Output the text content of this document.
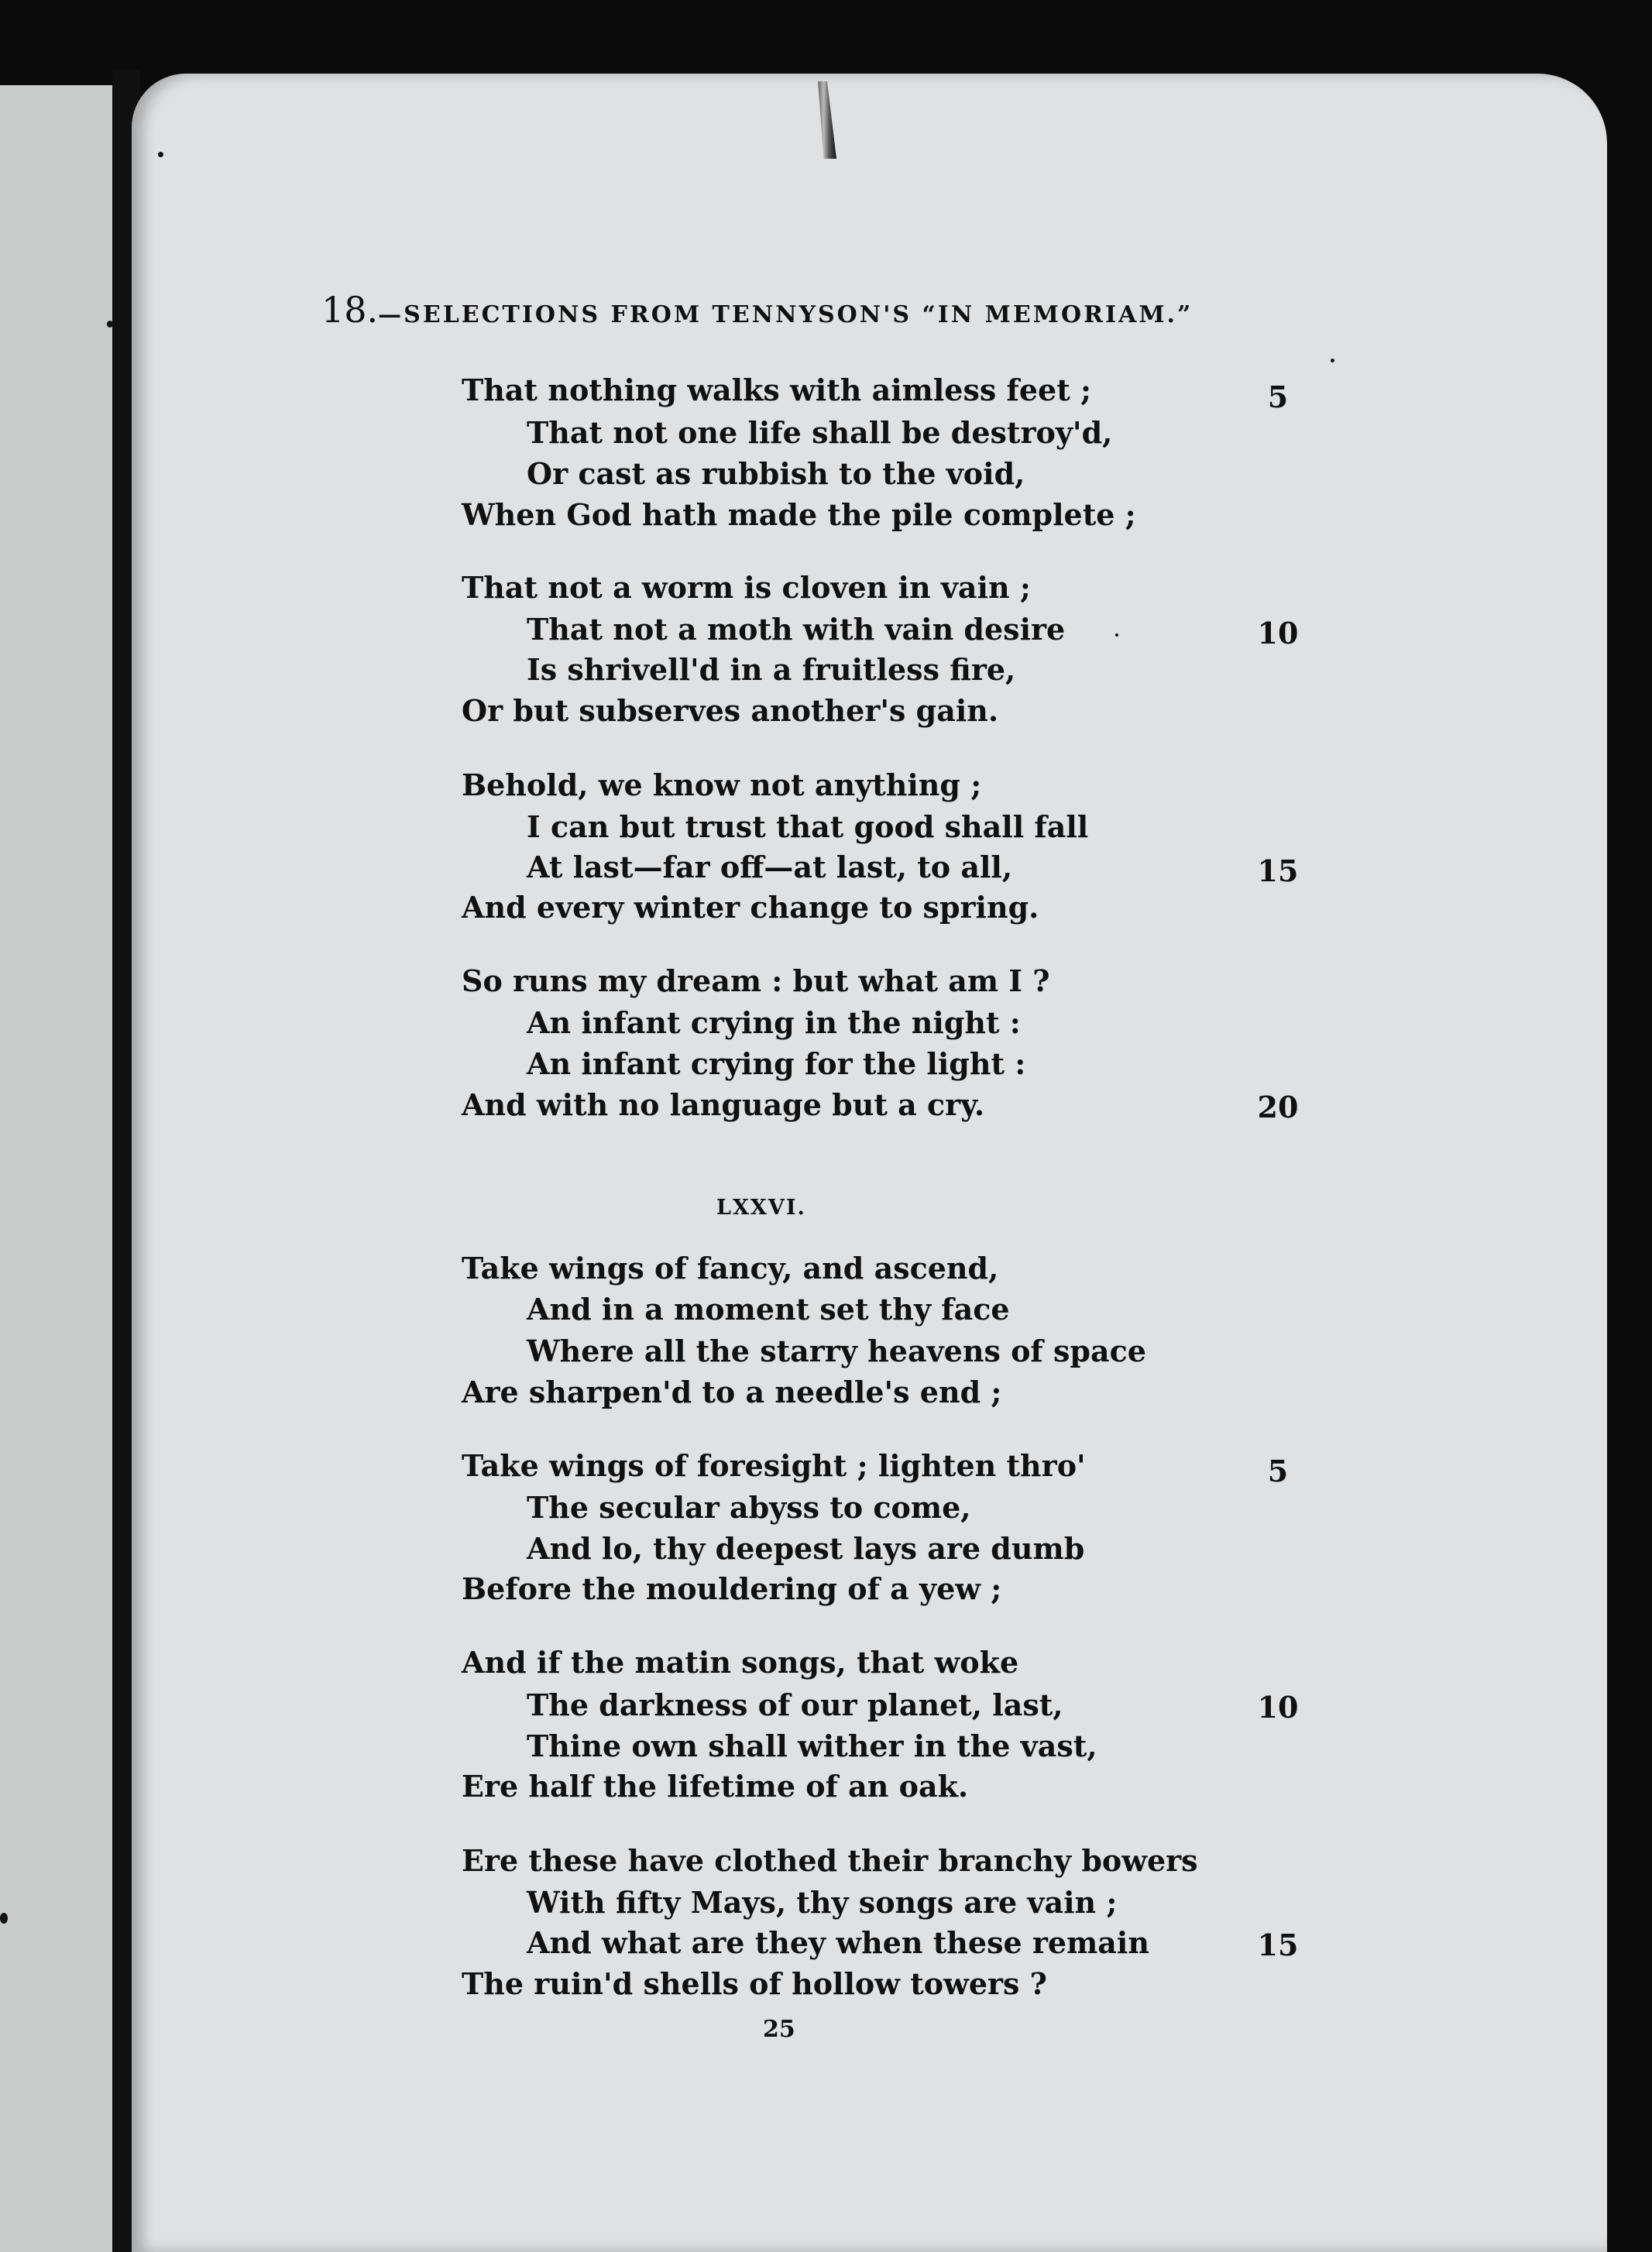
18.—SELECTIONS FROM TENNYSON'S “IN MEMORIAM.”
That nothing walks with aimless feet ;	5
That not one life shall be destroy'd,
Or cast as rubbish to the void,
When God hath made the pile complete ;
That not a worm is cloven in vain ;
That not a moth with vain desire	10
Is shrivell'd in a fruitless fire,
Or but subserves another's gain.
Behold, we know not anything ;
I can but trust that good shall fall
At last—far off—at last, to all,	15
And every winter change to spring.
So runs my dream : but what am I ?
An infant crying in the night :
An infant crying for the light :
And with no language but a cry.	20
LXXVI.
Take wings of fancy, and ascend,
And in a moment set thy face
Where all the starry heavens of space
Are sharpen'd to a needle's end ;
Take wings of foresight ; lighten thro'	5
The secular abyss to come,
And lo, thy deepest lays are dumb
Before the mouldering of a yew ;
And if the matin songs, that woke
The darkness of our planet, last,	10
Thine own shall wither in the vast,
Ere half the lifetime of an oak.
Ere these have clothed their branchy bowers
With fifty Mays, thy songs are vain ;
And what are they when these remain	15
The ruin'd shells of hollow towers ?
25
